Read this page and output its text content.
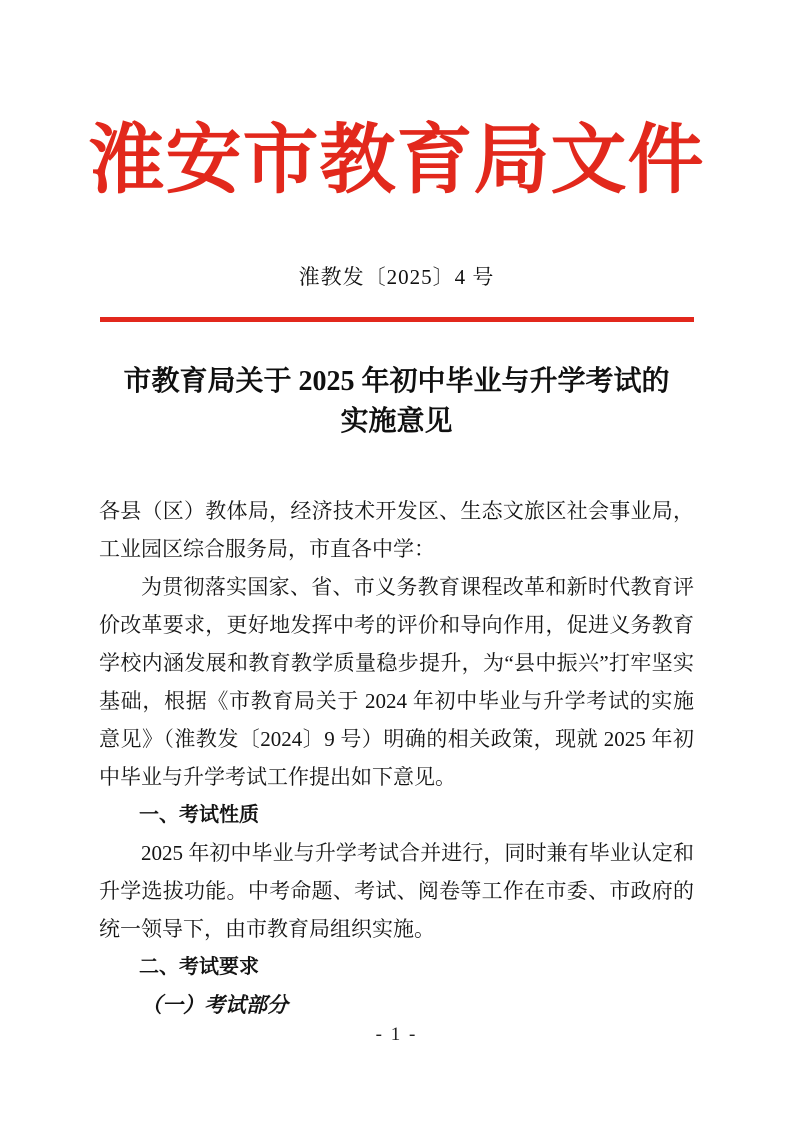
淮安市教育局文件
淮教发〔2025〕4 号
市教育局关于 2025 年初中毕业与升学考试的
实施意见

各县（区）教体局，经济技术开发区、生态文旅区社会事业局，工业园区综合服务局，市直各中学：

为贯彻落实国家、省、市义务教育课程改革和新时代教育评价改革要求，更好地发挥中考的评价和导向作用，促进义务教育学校内涵发展和教育教学质量稳步提升，为“县中振兴”打牢坚实基础，根据《市教育局关于 2024 年初中毕业与升学考试的实施意见》（淮教发〔2024〕9 号）明确的相关政策，现就 2025 年初中毕业与升学考试工作提出如下意见。

一、考试性质

2025 年初中毕业与升学考试合并进行，同时兼有毕业认定和升学选拔功能。中考命题、考试、阅卷等工作在市委、市政府的统一领导下，由市教育局组织实施。

二、考试要求

（一）考试部分

- 1 -
